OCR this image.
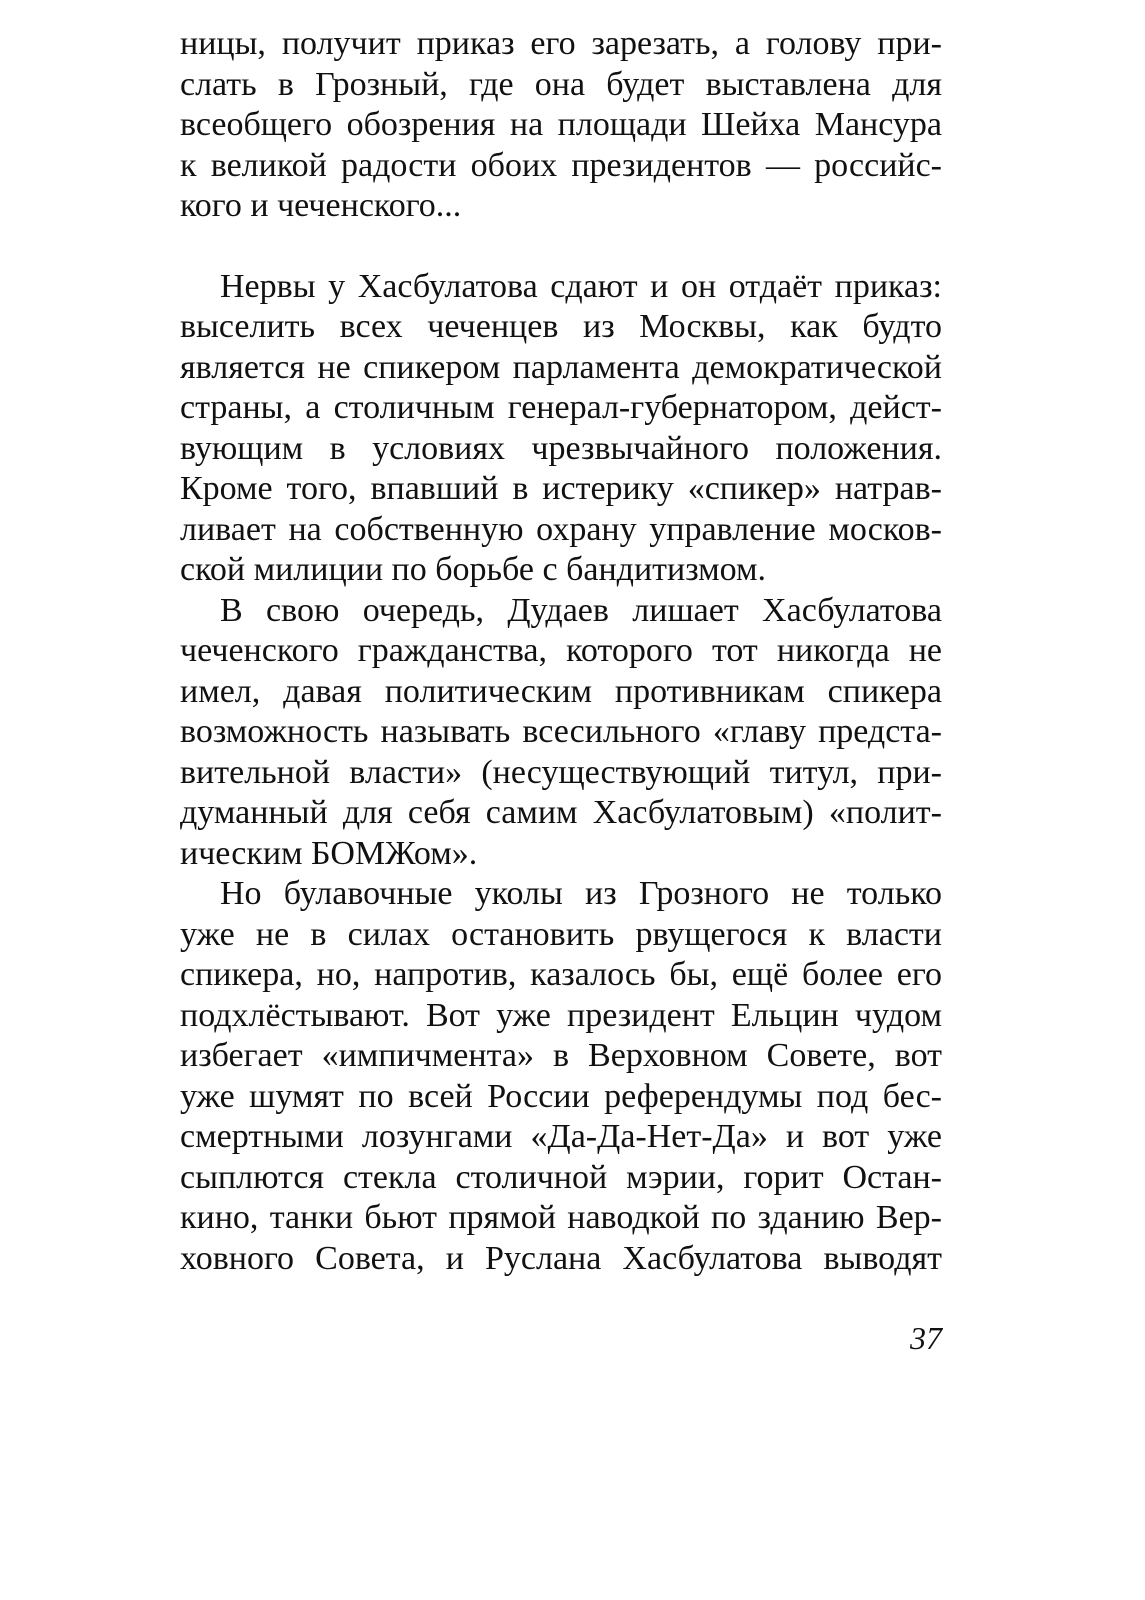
ницы, получит приказ его зарезать, а голову при-
слать в Грозный, где она будет выставлена для
всеобщего обозрения на площади Шейха Мансура
к великой радости обоих президентов — российс-
кого и чеченского...
Нервы у Хасбулатова сдают и он отдаёт приказ:
выселить всех чеченцев из Москвы, как будто
является не спикером парламента демократической
страны, а столичным генерал-губернатором, дейст-
вующим в условиях чрезвычайного положения.
Кроме того, впавший в истерику «спикер» натрав-
ливает на собственную охрану управление москов-
ской милиции по борьбе с бандитизмом.
В свою очередь, Дудаев лишает Хасбулатова
чеченского гражданства, которого тот никогда не
имел, давая политическим противникам спикера
возможность называть всесильного «главу предста-
вительной власти» (несуществующий титул, при-
думанный для себя самим Хасбулатовым) «полит-
ическим БОМЖом».
Но булавочные уколы из Грозного не только
уже не в силах остановить рвущегося к власти
спикера, но, напротив, казалось бы, ещё более его
подхлёстывают. Вот уже президент Ельцин чудом
избегает «импичмента» в Верховном Совете, вот
уже шумят по всей России референдумы под бес-
смертными лозунгами «Да-Да-Нет-Да» и вот уже
сыплются стекла столичной мэрии, горит Остан-
кино, танки бьют прямой наводкой по зданию Вер-
ховного Совета, и Руслана Хасбулатова выводят
37
